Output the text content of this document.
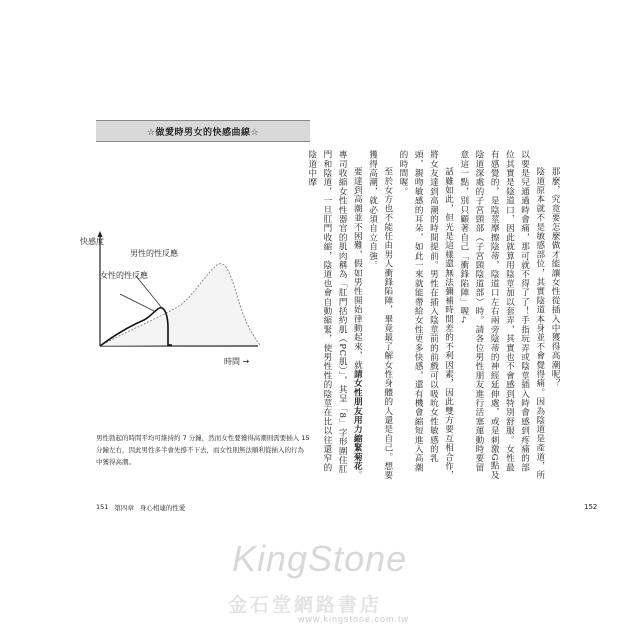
☆做愛時男女的快感曲線☆
快感度
男性的性反應
女性的性反應
時間 →
男性勃起的時間平均可維持約 7 分鐘，然而女性要獲得高潮則需要插入 15 分鐘左右，因此男性多半會先撐不下去，而女性則無法順利從插入的行為中獲得高潮。
151 第四章 身心相連的性愛	152

那麼，究竟要怎麼做才能讓女性從插入中獲得高潮呢？

陰道原本就不是敏感部位，其實陰道本身並不會覺得痛。因為陰道是產道，所以要是兒通過時會痛，那可就不得了了！手指玩弄或陰莖插入時會感到疼痛的部位其實是陰道口，因此就算用陰莖加以套弄，其實也不會感到特別舒服。女性最有感覺的，是陰莖摩擦陰蒂，陰道口左右兩旁陰蒂的神經延伸處，或是刺激G點及陰道深處的子宮頸部（子宮頸陰道部）時。請各位男性朋友進行活塞運動時要留意這一點，別只顧著自己「衝鋒陷陣」喔♪

話雖如此，但光是這樣還無法彌補時間差的不利因素，因此雙方要互相合作，將女友達到高潮的時間提前。男性在插入陰莖前的前戲可以吸吮女性敏感的乳頭，親吻敏感的耳朵，如此一來就能帶給女性更多快感，還有機會縮短進入高潮的時間喔。

至於女方也不能任由男人衝鋒陷陣，畢竟最了解女性身體的人還是自己。想要獲得高潮，就必須自立自強。

要達到高潮並不困難，假如男性開始律動起來，就請女性朋友用力縮緊菊花。專司收縮女性性器官的肌肉稱為「肛門括約肌（PC肌）」，其呈「8」字形圍住肛門和陰道，一旦肛門收縮，陰道也會自動縮緊，使男性性的陰莖在比以往還窄的陰道中摩

KingStone
金石堂網路書店
www.kingstone.com.tw
